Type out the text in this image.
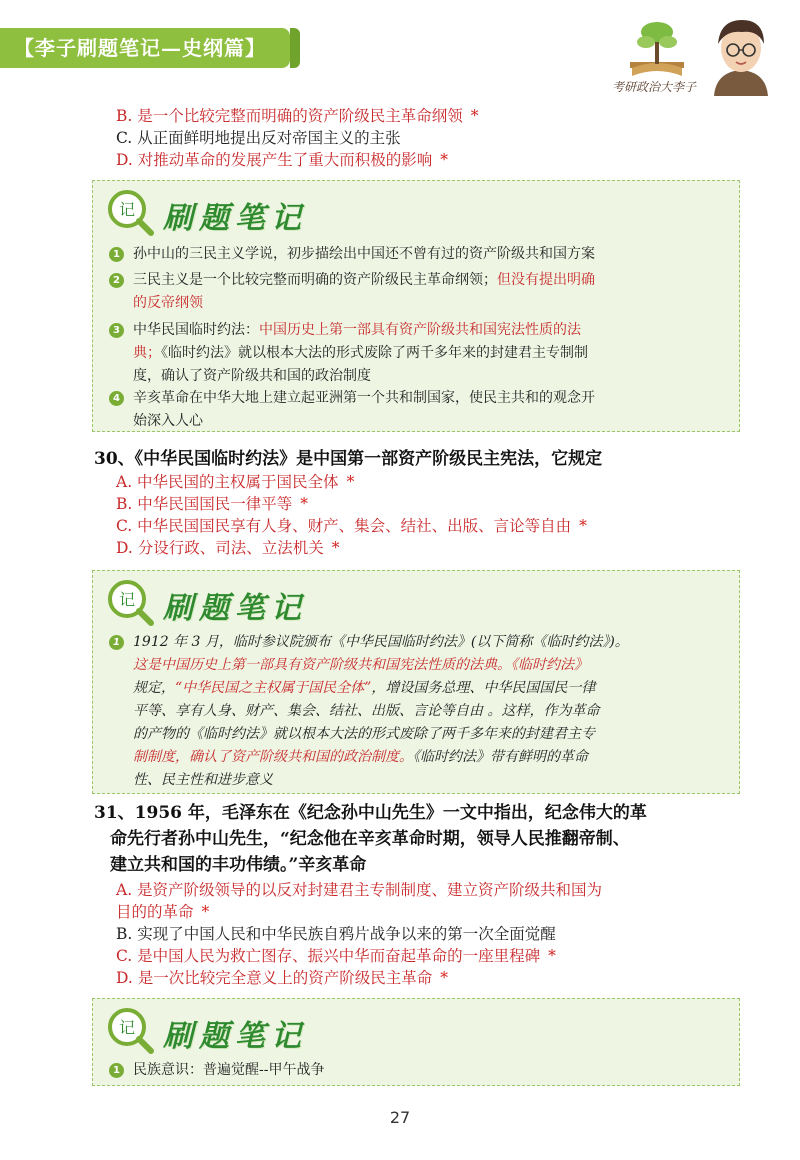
【李子刷题笔记—史纲篇】
考研政治大李子
B. 是一个比较完整而明确的资产阶级民主革命纲领 *
C. 从正面鲜明地提出反对帝国主义的主张
D. 对推动革命的发展产生了重大而积极的影响 *
记 刷题笔记
1 孙中山的三民主义学说，初步描绘出中国还不曾有过的资产阶级共和国方案
2 三民主义是一个比较完整而明确的资产阶级民主革命纲领；但没有提出明确
的反帝纲领
3 中华民国临时约法：中国历史上第一部具有资产阶级共和国宪法性质的法
典；《临时约法》就以根本大法的形式废除了两千多年来的封建君主专制制
度，确认了资产阶级共和国的政治制度
4 辛亥革命在中华大地上建立起亚洲第一个共和制国家，使民主共和的观念开
始深入人心
30、《中华民国临时约法》是中国第一部资产阶级民主宪法，它规定
A. 中华民国的主权属于国民全体 *
B. 中华民国国民一律平等 *
C. 中华民国国民享有人身、财产、集会、结社、出版、言论等自由 *
D. 分设行政、司法、立法机关 *
记 刷题笔记
1 1912 年 3 月，临时参议院颁布《中华民国临时约法》(以下简称《临时约法》)。
这是中国历史上第一部具有资产阶级共和国宪法性质的法典。《临时约法》
规定，“中华民国之主权属于国民全体”，增设国务总理、中华民国国民一律
平等、享有人身、财产、集会、结社、出版、言论等自由 。这样，作为革命
的产物的《临时约法》就以根本大法的形式废除了两千多年来的封建君主专
制制度，确认了资产阶级共和国的政治制度。《临时约法》带有鲜明的革命
性、民主性和进步意义
31、1956 年，毛泽东在《纪念孙中山先生》一文中指出，纪念伟大的革
命先行者孙中山先生，“纪念他在辛亥革命时期，领导人民推翻帝制、
建立共和国的丰功伟绩。”辛亥革命
A. 是资产阶级领导的以反对封建君主专制制度、建立资产阶级共和国为
目的的革命 *
B. 实现了中国人民和中华民族自鸦片战争以来的第一次全面觉醒
C. 是中国人民为救亡图存、振兴中华而奋起革命的一座里程碑 *
D. 是一次比较完全意义上的资产阶级民主革命 *
记 刷题笔记
1 民族意识：普遍觉醒--甲午战争
27
